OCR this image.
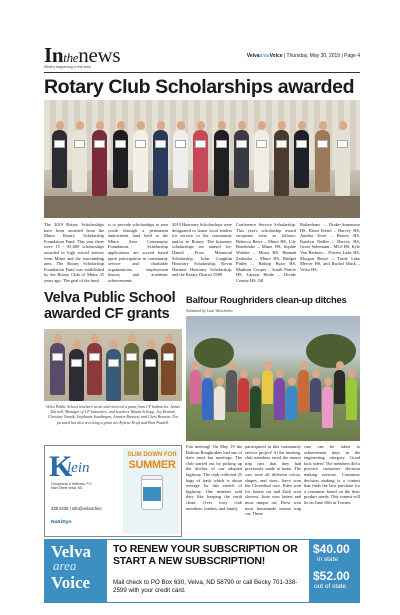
Inthenews
What's happening in the area
VelvaareaVoice | Thursday, May 30, 2019 | Page 4
Rotary Club Scholarships awarded
The 2019 Rotary Scholarships have been awarded from the Minot Rotary Scholarship Foundation Fund. This year there were 15 - $1,000 scholarships awarded to high school seniors from Minot and the surrounding area. The Rotary Scholarship Foundation Fund was established by the Rotary Club of Minot 35 years ago. The goal of the fund
is to provide scholarships to area youth through a permanent endowment fund held at the Minot Area Community Foundation. Scholarship applications are scored based upon participation in community service and charitable organizations, employment history and academic achievements.
2019 Honorary Scholarships were designated to honor local leaders for service to the community and/or to Rotary. The honorary scholarships are named for: Daniel Frost Memorial Scholarship, John Coughlin Honorary Scholarship, Kevin Harmon Honorary Scholarship, and the Rotary District 5580
Conference Service Scholarship. This year's scholarship award recipients were as follows: Rebecca Beers – Minot HS, Lily Bonebrake – Minot HS, Sophie Wolden – Minot HS, Hannah Zadroska – Minot HS, Bridget Finley – Bishop Ryan HS, Madison Cooper – South Prairie HS, Lauryn Heide – Divide County HS, Jill
Rotberhans – Drake-Anamoose HS, Brian Fetzel – Harvey HS, Annika Towe – Harvey HS, Katelyn Nedler – Harvey HS, Grace Solemann – MLS HS, Kyle Van Berkom – Powers Lake HS, Morgan Reiser – Turtle Lake Mercer HS, and Rachel Mack – Velva HS.
Velva Public School awarded CF grants
Velva Public School teachers wrote and received a grant from CF Industries. James Darnell, Manager of CF Industries, and teachers Wanda Schopp, Joy Kramer, Christine Vannik, Stephanie Sundbagen, Annette Breuten, and Chris Breuten. Not pictured but also receiving a grant are Kylene Kraft and Pam Paskell.
Balfour Roughriders clean-up ditches
Submitted by Leah Vittschenko
Fun meeting! On May 19 the Balfour Roughriders had one of their most fun meetings. The club started out by picking up the ditches of our adopted highway. The club collected 25 bags of trash which is about average for this stretch of highway. One member said they like keeping the earth clean. Over forty club members, leaders, and family
participated in this community service project! At the meeting, club members raced the mouse trap cars that they had previously made at home. The cars were all different colors, shapes, and sizes. Jayce won the Cloverbud race. Eden won for fastest car and Zack won slowest. Josie won fastest and most unique car. Drew won most homemade mouse trap car. These
cars can be taken to achievement days in the engineering category. Good luck riders! The members did a practice consumer decision making exercise. Consumer decision making is a contest that finds the best purchase for a consumer based on the their product needs. This contest will be on June 10th in Towner.
K
lein
Chiropractic & Wellness, P.C.
Main Street Velva, ND
338.3238 | info@velvachiro
NutriDyn
SLIM DOWN FOR
SUMMER
Velva
area
Voice
TO RENEW YOUR SUBSCRIPTION OR START A NEW SUBSCRIPTION!
Mail check to PO Box 630, Velva, ND 58790 or call Becky 701-338-2599 with your credit card.
$40.00
in state
$52.00
out of state
